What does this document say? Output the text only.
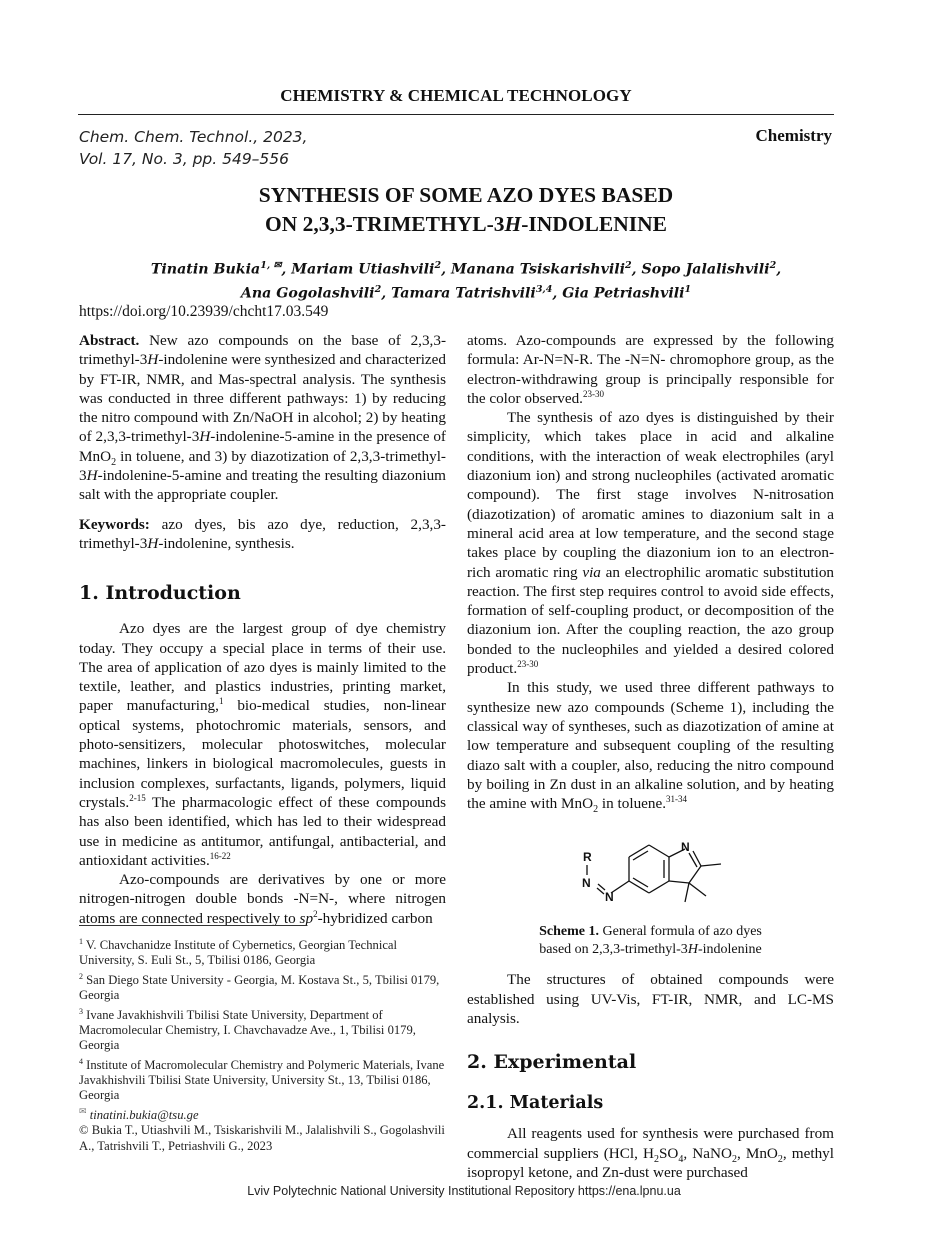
CHEMISTRY & CHEMICAL TECHNOLOGY
Chem. Chem. Technol., 2023,
Vol. 17, No. 3, pp. 549–556
Chemistry
SYNTHESIS OF SOME AZO DYES BASED
ON 2,3,3-TRIMETHYL-3H-INDOLENINE
Tinatin Bukia$^{1, ✉}$, Mariam Utiashvili$^2$, Manana Tsiskarishvili$^2$, Sopo Jalalishvili$^2$,
Ana Gogolashvili$^2$, Tamara Tatrishvili$^{3,4}$, Gia Petriashvili$^1$
https://doi.org/10.23939/chcht17.03.549

Abstract. New azo compounds on the base of 2,3,3-trimethyl-3H-indolenine were synthesized and characterized by FT-IR, NMR, and Mas-spectral analysis. The synthesis was conducted in three different pathways: 1) by reducing the nitro compound with Zn/NaOH in alcohol; 2) by heating of 2,3,3-trimethyl-3H-indolenine-5-amine in the presence of MnO$_2$ in toluene, and 3) by diazotization of 2,3,3-trimethyl-3H-indolenine-5-amine and treating the resulting diazonium salt with the appropriate coupler.

Keywords: azo dyes, bis azo dye, reduction, 2,3,3-trimethyl-3H-indolenine, synthesis.

1. Introduction

Azo dyes are the largest group of dye chemistry today. They occupy a special place in terms of their use. The area of application of azo dyes is mainly limited to the textile, leather, and plastics industries, printing market, paper manufacturing,$^1$ bio-medical studies, non-linear optical systems, photochromic materials, sensors, and photo-sensitizers, molecular photoswitches, molecular machines, linkers in biological macromolecules, guests in inclusion complexes, surfactants, ligands, polymers, liquid crystals.$^{2-15}$ The pharmacologic effect of these compounds has also been identified, which has led to their widespread use in medicine as antitumor, antifungal, antibacterial, and antioxidant activities.$^{16-22}$

Azo-compounds are derivatives by one or more nitrogen-nitrogen double bonds -N=N-, where nitrogen atoms are connected respectively to $sp^2$-hybridized carbon

$^1$ V. Chavchanidze Institute of Cybernetics, Georgian Technical University, S. Euli St., 5, Tbilisi 0186, Georgia

$^2$ San Diego State University - Georgia, M. Kostava St., 5, Tbilisi 0179, Georgia

$^3$ Ivane Javakhishvili Tbilisi State University, Department of Macromolecular Chemistry, I. Chavchavadze Ave., 1, Tbilisi 0179, Georgia

$^4$ Institute of Macromolecular Chemistry and Polymeric Materials, Ivane Javakhishvili Tbilisi State University, University St., 13, Tbilisi 0186, Georgia

✉ tinatini.bukia@tsu.ge

© Bukia T., Utiashvili M., Tsiskarishvili M., Jalalishvili S., Gogolashvili A., Tatrishvili T., Petriashvili G., 2023

atoms. Azo-compounds are expressed by the following formula: Ar-N=N-R. The -N=N- chromophore group, as the electron-withdrawing group is principally responsible for the color observed.$^{23-30}$

The synthesis of azo dyes is distinguished by their simplicity, which takes place in acid and alkaline conditions, with the interaction of weak electrophiles (aryl diazonium ion) and strong nucleophiles (activated aromatic compound). The first stage involves N-nitrosation (diazotization) of aromatic amines to diazonium salt in a mineral acid area at low temperature, and the second stage takes place by coupling the diazonium ion to an electron-rich aromatic ring via an electrophilic aromatic substitution reaction. The first step requires control to avoid side effects, formation of self-coupling product, or decomposition of the diazonium ion. After the coupling reaction, the azo group bonded to the nucleophiles and yielded a desired colored product.$^{23-30}$

In this study, we used three different pathways to synthesize new azo compounds (Scheme 1), including the classical way of syntheses, such as diazotization of amine at low temperature and subsequent coupling of the resulting diazo salt with a coupler, also, reducing the nitro compound by boiling in Zn dust in an alkaline solution, and by heating the amine with MnO$_2$ in toluene.$^{31-34}$

N
R
N
N
Scheme 1. General formula of azo dyes
based on 2,3,3-trimethyl-3H-indolenine

The structures of obtained compounds were established using UV-Vis, FT-IR, NMR, and LC-MS analysis.

2. Experimental
2.1. Materials

All reagents used for synthesis were purchased from commercial suppliers (HCl, $H_2SO_4$, NaNO$_2$, MnO$_2$, methyl isopropyl ketone, and Zn-dust were purchased

Lviv Polytechnic National University Institutional Repository https://ena.lpnu.ua
